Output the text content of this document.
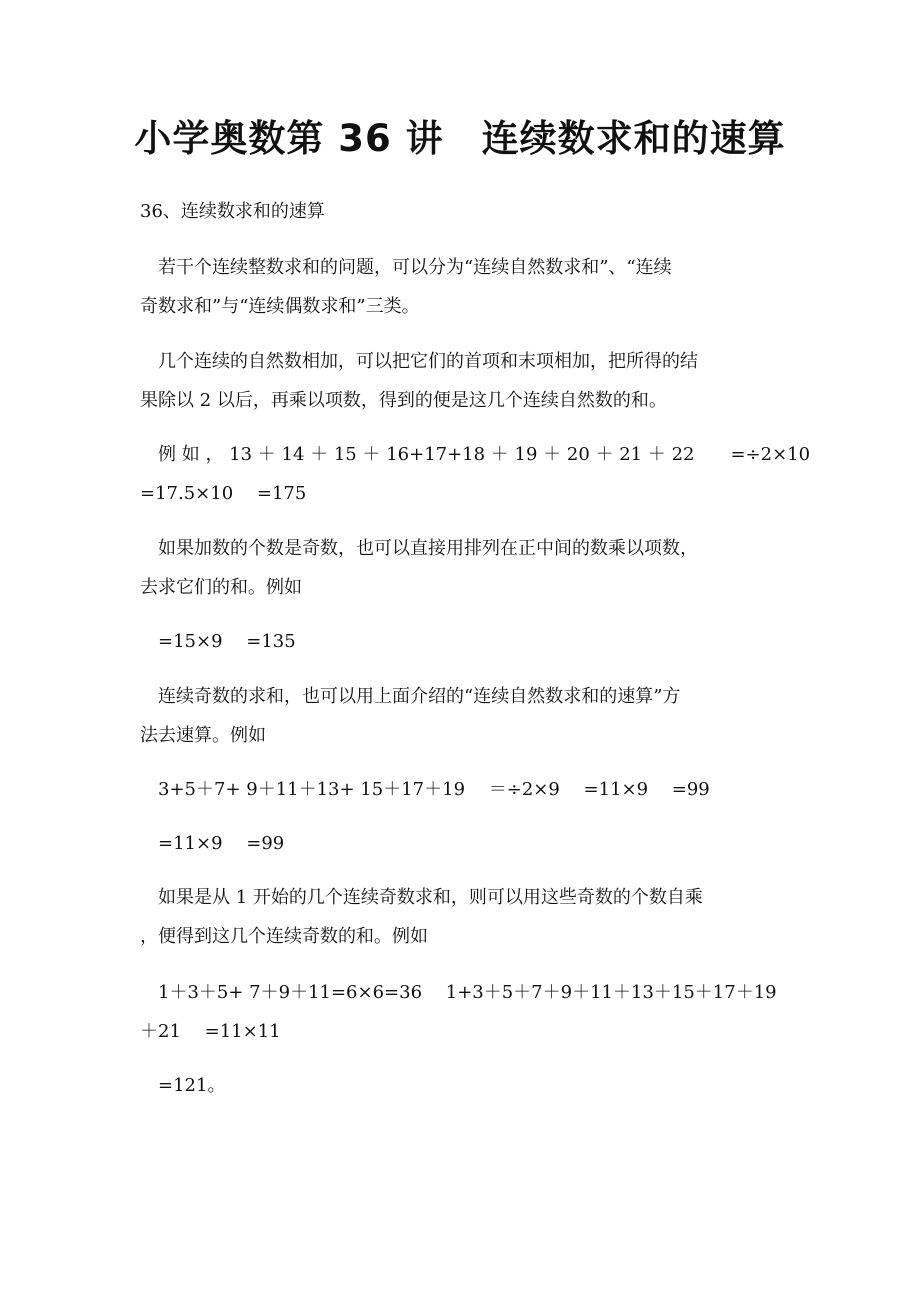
小学奥数第 36 讲　连续数求和的速算

36、连续数求和的速算

若干个连续整数求和的问题，可以分为“连续自然数求和”、“连续

奇数求和”与“连续偶数求和”三类。

几个连续的自然数相加，可以把它们的首项和末项相加，把所得的结

果除以 2 以后，再乘以项数，得到的便是这几个连续自然数的和。

例 如 ， 13 ＋ 14 ＋ 15 ＋ 16+17+18 ＋ 19 ＋ 20 ＋ 21 ＋ 22　　=÷2×10

=17.5×10　 =175

如果加数的个数是奇数，也可以直接用排列在正中间的数乘以项数，

去求它们的和。例如

=15×9　 =135

连续奇数的求和，也可以用上面介绍的“连续自然数求和的速算”方

法去速算。例如

3+5＋7+ 9＋11＋13+ 15＋17＋19　 ＝÷2×9　 =11×9　 =99

=11×9　 =99

如果是从 1 开始的几个连续奇数求和，则可以用这些奇数的个数自乘

，便得到这几个连续奇数的和。例如

1＋3＋5+ 7＋9＋11=6×6=36　 1+3＋5＋7＋9＋11＋13＋15＋17＋19

＋21　 =11×11

=121。
